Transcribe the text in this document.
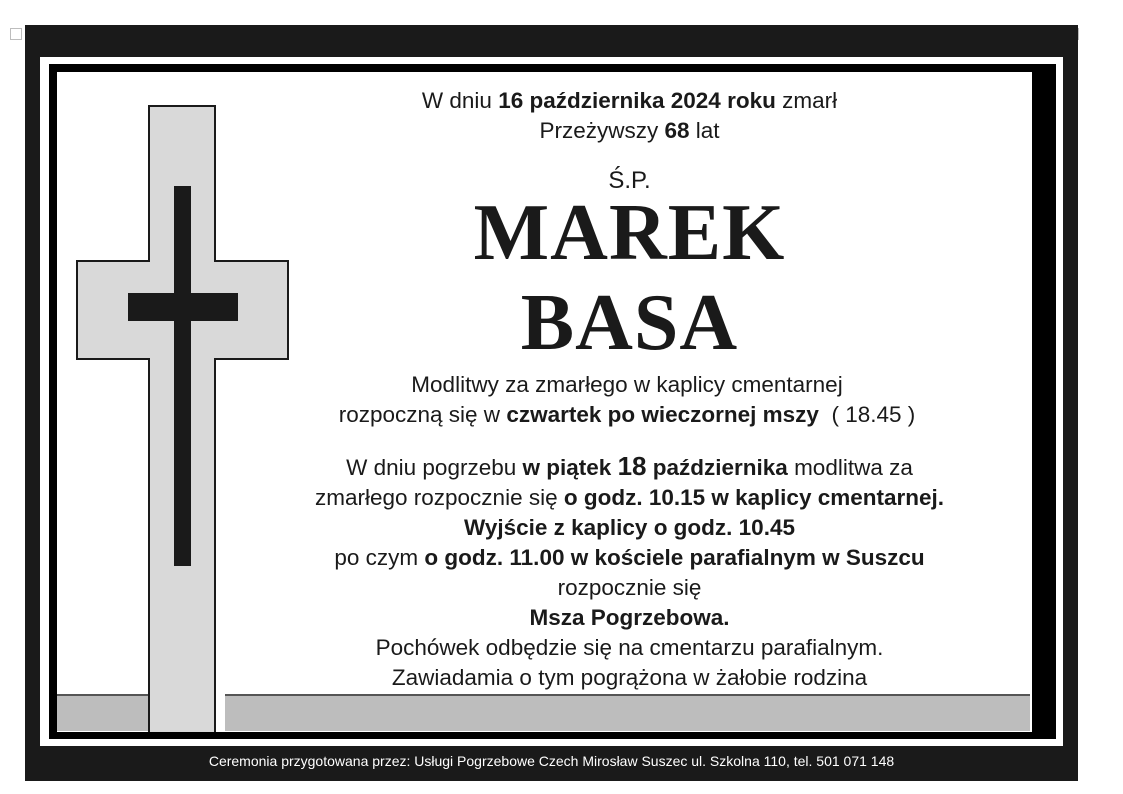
W dniu 16 października 2024 roku zmarł
Przeżywszy 68 lat
Ś.P.
MAREK
BASA
Modlitwy za zmarłego w kaplicy cmentarnej
rozpoczną się w czwartek po wieczornej mszy ( 18.45 )
W dniu pogrzebu w piątek 18 października modlitwa za
zmarłego rozpocznie się o godz. 10.15 w kaplicy cmentarnej.
Wyjście z kaplicy o godz. 10.45
po czym o godz. 11.00 w kościele parafialnym w Suszcu
rozpocznie się
Msza Pogrzebowa.
Pochówek odbędzie się na cmentarzu parafialnym.
Zawiadamia o tym pogrążona w żałobie rodzina
Ceremonia przygotowana przez: Usługi Pogrzebowe Czech Mirosław Suszec ul. Szkolna 110, tel. 501 071 148
